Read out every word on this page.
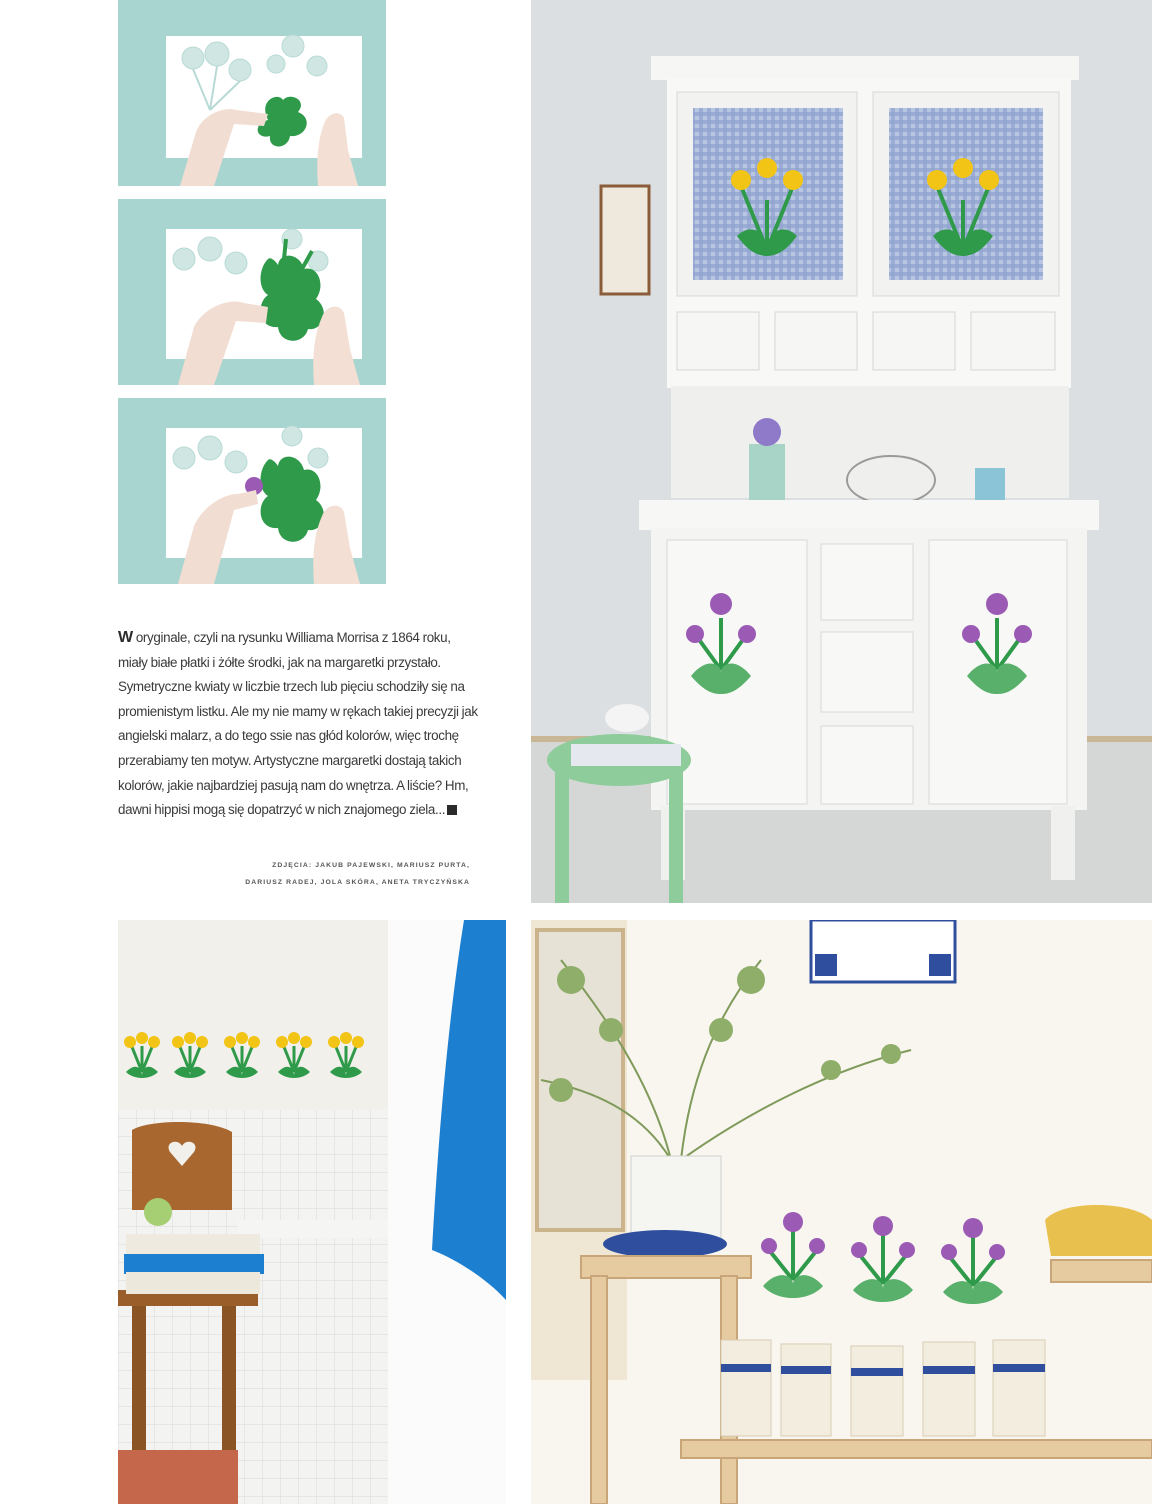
W oryginale, czyli na rysunku Williama Morrisa z 1864 roku, miały białe płatki i żółte środki, jak na margaretki przystało. Symetryczne kwiaty w liczbie trzech lub pięciu schodziły się na promienistym listku. Ale my nie mamy w rękach takiej precyzji jak angielski malarz, a do tego ssie nas głód kolorów, więc trochę przerabiamy ten motyw. Artystyczne margaretki dostają takich kolorów, jakie najbardziej pasują nam do wnętrza. A liście? Hm, dawni hippisi mogą się dopatrzyć w nich znajomego ziela...
ZDJĘCIA: JAKUB PAJEWSKI, MARIUSZ PURTA,
DARIUSZ RADEJ, JOLA SKÓRA, ANETA TRYCZYŃSKA
